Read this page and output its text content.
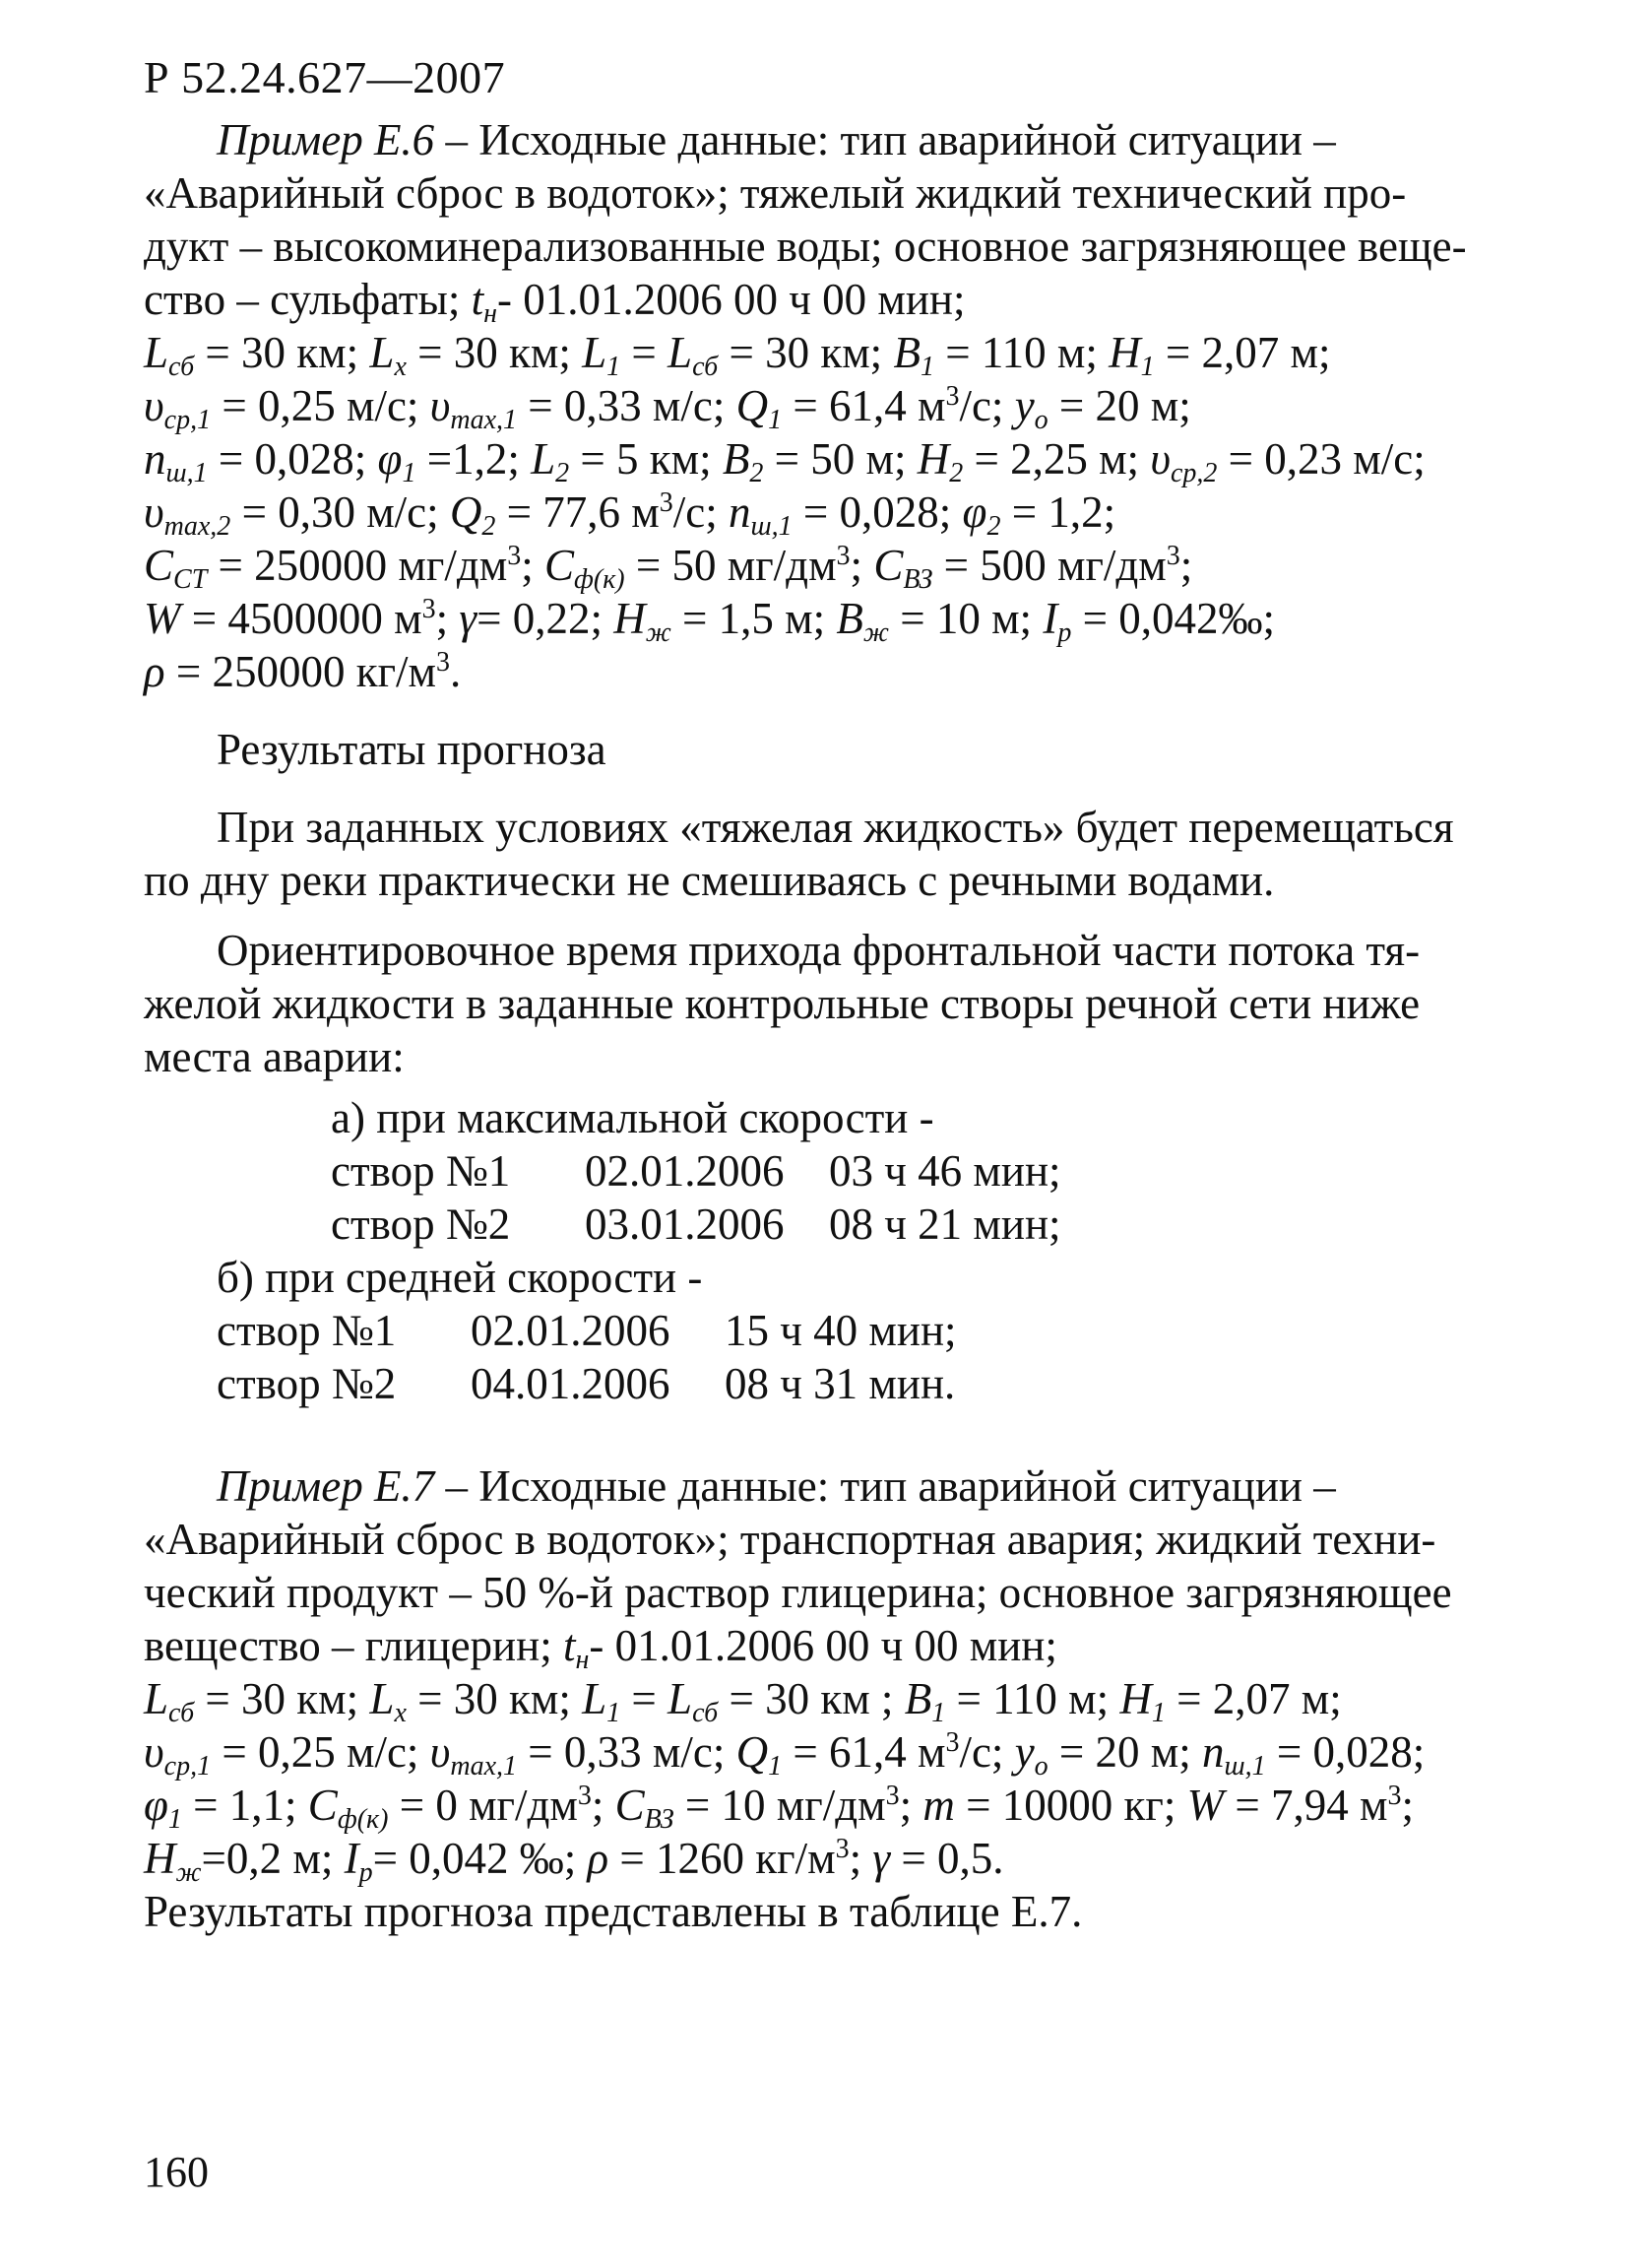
Р 52.24.627—2007
Пример Е.6 – Исходные данные: тип аварийной ситуации –
«Аварийный сброс в водоток»; тяжелый жидкий технический про-
дукт – высокоминерализованные воды; основное загрязняющее веще-
ство – сульфаты; $t_н-$ 01.01.2006 00 ч 00 мин;
$L_{сб} = 30$ км; $L_x = 30$ км; $L_1 = L_{сб} = 30$ км; $B_1 = 110$ м; $H_1 = 2,07$ м;
$\upsilon_{ср,1} = 0,25$ м/с; $\upsilon_{max,1} = 0,33$ м/с; $Q_1 = 61,4$ $м^3/с$; $y_о = 20$ м;
$n_{ш,1} = 0,028$; $\varphi_1 =1,2$; $L_2 = 5$ км; $B_2 = 50$ м; $H_2 = 2,25$ м; $\upsilon_{ср,2} = 0,23$ м/с;
$\upsilon_{max,2} = 0,30$ м/с; $Q_2 = 77,6$ $м^3/с$; $n_{ш,1} = 0,028$; $\varphi_2 = 1,2$;
$C_{СТ} = 250000$ $мг/дм^3$; $C_{ф(к)} = 50$ $мг/дм^3$; $C_{ВЗ} = 500$ $мг/дм^3$;
W = 4500000 $м^3$; γ= 0,22; $H_ж = 1,5$ м; $B_ж = 10$ м; $I_р$ = 0,042‰;
ρ = 250000 $кг/м^3$.
Результаты прогноза
При заданных условиях «тяжелая жидкость» будет перемещаться
по дну реки практически не смешиваясь с речными водами.
Ориентировочное время прихода фронтальной части потока тя-
желой жидкости в заданные контрольные створы речной сети ниже
места аварии:
а) при максимальной скорости -
створ №1 02.01.2006 03 ч 46 мин;
створ №2 03.01.2006 08 ч 21 мин;
б) при средней скорости -
створ №1 02.01.2006 15 ч 40 мин;
створ №2 04.01.2006 08 ч 31 мин.
Пример Е.7 – Исходные данные: тип аварийной ситуации –
«Аварийный сброс в водоток»; транспортная авария; жидкий техни-
ческий продукт – 50 %-й раствор глицерина; основное загрязняющее
вещество – глицерин; $t_н-$ 01.01.2006 00 ч 00 мин;
$L_{сб} = 30$ км; $L_x = 30$ км; $L_1 = L_{сб} = 30$ км ; $B_1 = 110$ м; $H_1 = 2,07$ м;
$\upsilon_{ср,1} = 0,25$ м/с; $\upsilon_{max,1} = 0,33$ м/с; $Q_1 = 61,4$ $м^3/с$; $y_о = 20$ м; $n_{ш,1} = 0,028$;
$\varphi_1 = 1,1$; $C_{ф(к)} = 0$ $мг/дм^3$; $C_{ВЗ} = 10$ $мг/дм^3$; m = 10000 кг; W = 7,94 $м^3$;
$H_ж=0,2$ м; $I_р= 0,042$ ‰; ρ = 1260 $кг/м^3$; γ = 0,5.
Результаты прогноза представлены в таблице Е.7.
160
